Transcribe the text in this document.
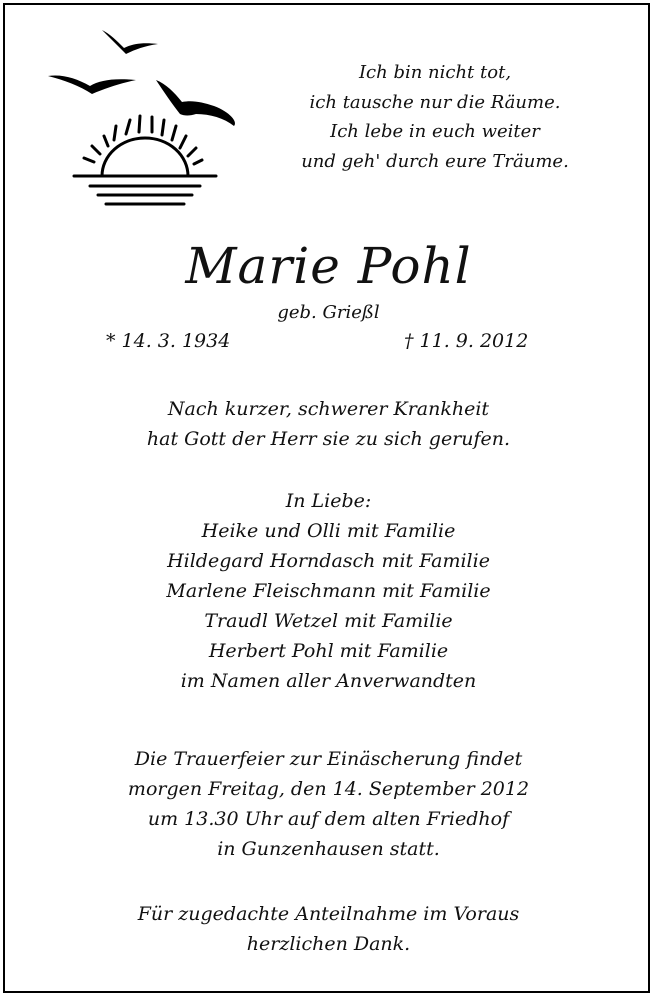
Ich bin nicht tot,
ich tausche nur die Räume.
Ich lebe in euch weiter
und geh' durch eure Träume.
Marie Pohl
geb. Grießl
* 14. 3. 1934	† 11. 9. 2012
Nach kurzer, schwerer Krankheit
hat Gott der Herr sie zu sich gerufen.
In Liebe:
Heike und Olli mit Familie
Hildegard Horndasch mit Familie
Marlene Fleischmann mit Familie
Traudl Wetzel mit Familie
Herbert Pohl mit Familie
im Namen aller Anverwandten
Die Trauerfeier zur Einäscherung findet
morgen Freitag, den 14. September 2012
um 13.30 Uhr auf dem alten Friedhof
in Gunzenhausen statt.
Für zugedachte Anteilnahme im Voraus
herzlichen Dank.
